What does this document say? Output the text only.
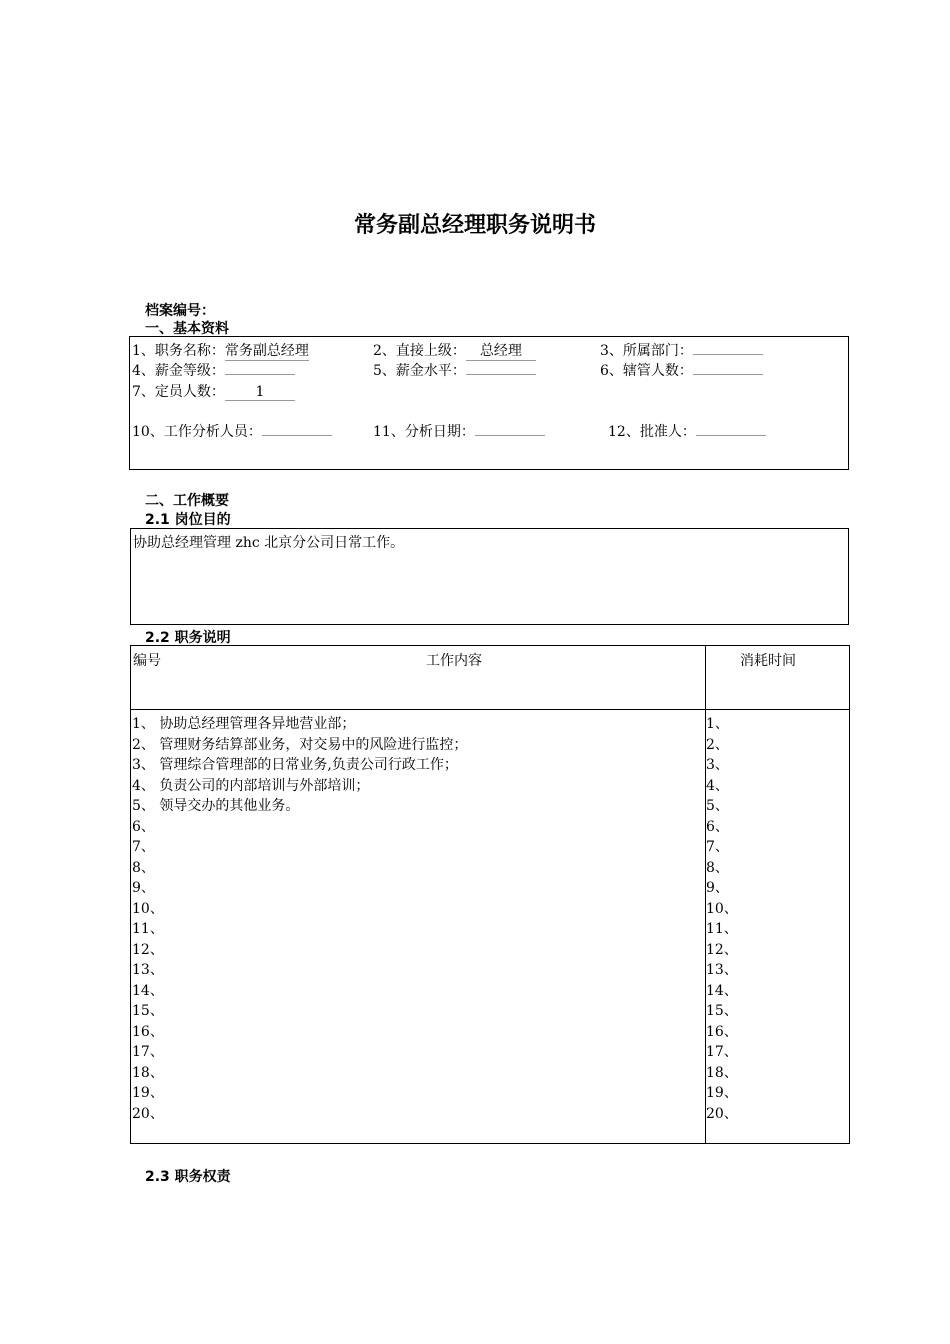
常务副总经理职务说明书
档案编号：
一、基本资料
1、职务名称：常务副总经理	2、直接上级： 总经理	3、所属部门：
4、薪金等级：	5、薪金水平：	6、辖管人数：
7、定员人数： 1
10、工作分析人员：	11、分析日期：	12、批准人：
二、工作概要
2.1 岗位目的
协助总经理管理 zhc 北京分公司日常工作。
2.2 职务说明
编号	工作内容	消耗时间
1、 协助总经理管理各异地营业部；	1、
2、 管理财务结算部业务，对交易中的风险进行监控；	2、
3、 管理综合管理部的日常业务,负责公司行政工作；	3、
4、 负责公司的内部培训与外部培训；	4、
5、 领导交办的其他业务。	5、
6、	6、
7、	7、
8、	8、
9、	9、
10、	10、
11、	11、
12、	12、
13、	13、
14、	14、
15、	15、
16、	16、
17、	17、
18、	18、
19、	19、
20、	20、
2.3 职务权责
